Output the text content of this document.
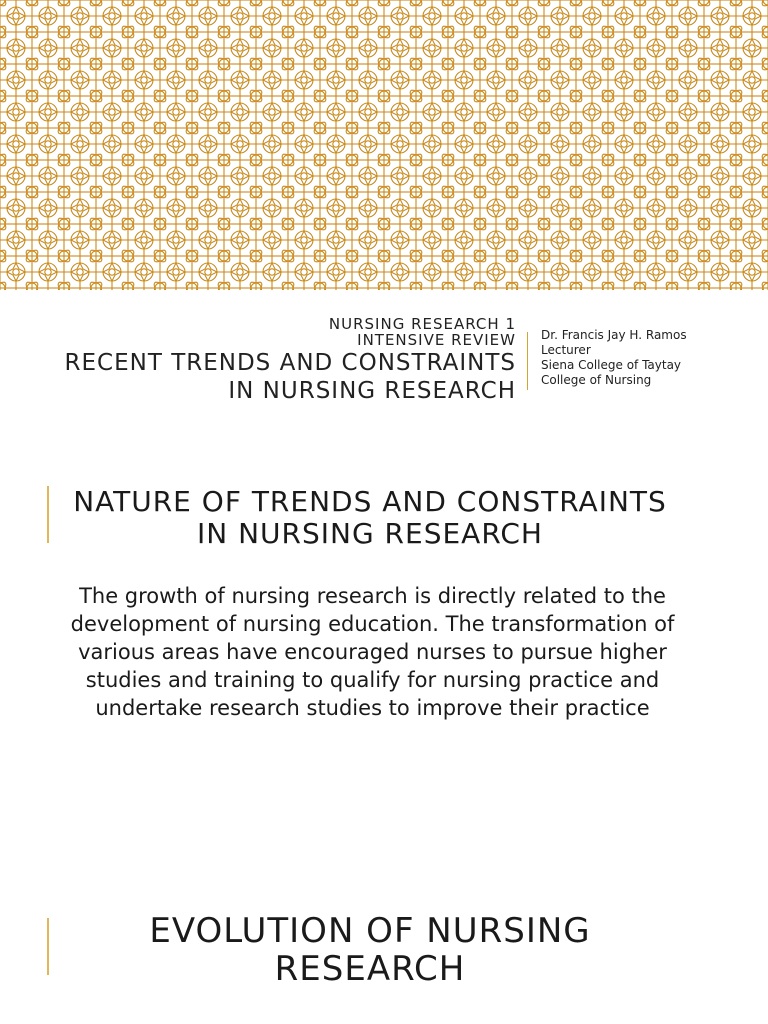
NURSING RESEARCH 1
INTENSIVE REVIEW
RECENT TRENDS AND CONSTRAINTS
IN NURSING RESEARCH
Dr. Francis Jay H. Ramos
Lecturer
Siena College of Taytay
College of Nursing
NATURE OF TRENDS AND CONSTRAINTS
IN NURSING RESEARCH
The growth of nursing research is directly related to the development of nursing education. The transformation of various areas have encouraged nurses to pursue higher studies and training to qualify for nursing practice and undertake research studies to improve their practice
EVOLUTION OF NURSING
RESEARCH
